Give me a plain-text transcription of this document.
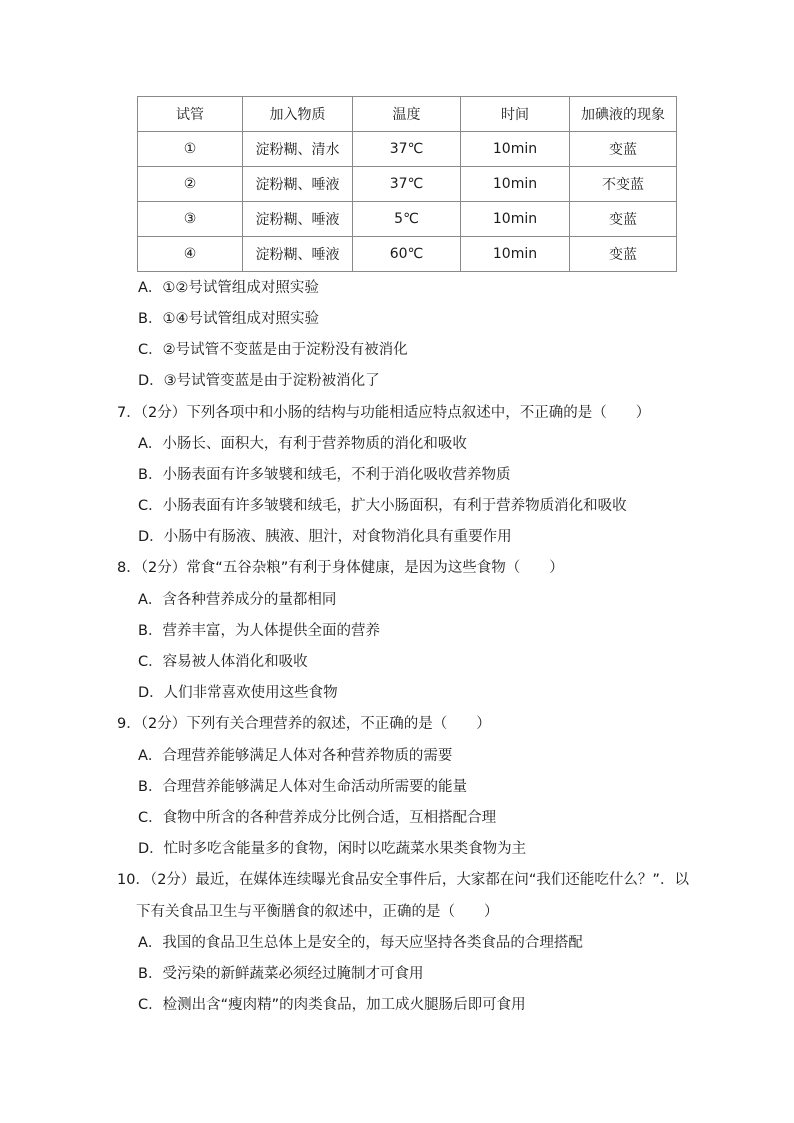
试管	加入物质	温度	时间	加碘液的现象
①	淀粉糊、清水	37℃	10min	变蓝
②	淀粉糊、唾液	37℃	10min	不变蓝
③	淀粉糊、唾液	5℃	10min	变蓝
④	淀粉糊、唾液	60℃	10min	变蓝
A．①②号试管组成对照实验
B．①④号试管组成对照实验
C．②号试管不变蓝是由于淀粉没有被消化
D．③号试管变蓝是由于淀粉被消化了
7．（2分）下列各项中和小肠的结构与功能相适应特点叙述中，不正确的是（　　）
A．小肠长、面积大，有利于营养物质的消化和吸收
B．小肠表面有许多皱襞和绒毛，不利于消化吸收营养物质
C．小肠表面有许多皱襞和绒毛，扩大小肠面积，有利于营养物质消化和吸收
D．小肠中有肠液、胰液、胆汁，对食物消化具有重要作用
8．（2分）常食“五谷杂粮”有利于身体健康，是因为这些食物（　　）
A．含各种营养成分的量都相同
B．营养丰富，为人体提供全面的营养
C．容易被人体消化和吸收
D．人们非常喜欢使用这些食物
9．（2分）下列有关合理营养的叙述，不正确的是（　　）
A．合理营养能够满足人体对各种营养物质的需要
B．合理营养能够满足人体对生命活动所需要的能量
C．食物中所含的各种营养成分比例合适，互相搭配合理
D．忙时多吃含能量多的食物，闲时以吃蔬菜水果类食物为主
10．（2分）最近，在媒体连续曝光食品安全事件后，大家都在问“我们还能吃什么？”．以
下有关食品卫生与平衡膳食的叙述中，正确的是（　　）
A．我国的食品卫生总体上是安全的，每天应坚持各类食品的合理搭配
B．受污染的新鲜蔬菜必须经过腌制才可食用
C．检测出含“瘦肉精”的肉类食品，加工成火腿肠后即可食用
